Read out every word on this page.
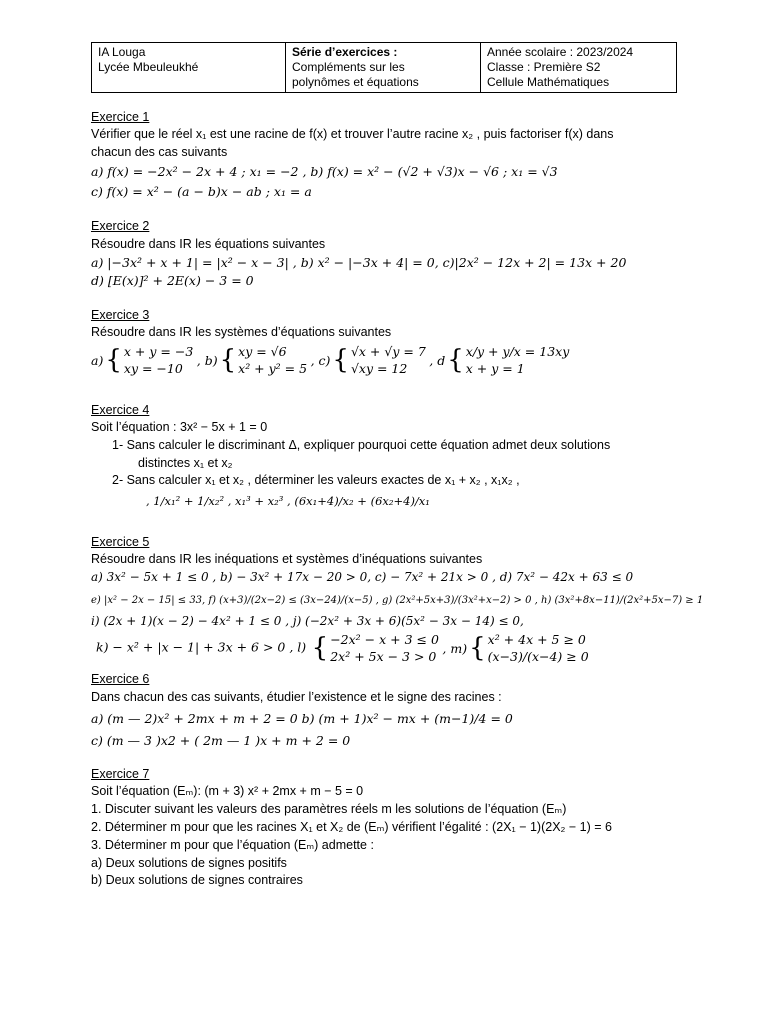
IA Louga
Lycée Mbeuleukhé

Série d’exercices :
Compléments sur les
polynômes et équations

Année scolaire : 2023/2024
Classe : Première S2
Cellule Mathématiques
Exercice 1
Vérifier que le réel x₁ est une racine de f(x) et trouver l’autre racine x₂ , puis factoriser f(x) dans
chacun des cas suivants
a) f(x) = −2x² − 2x + 4 ; x₁ = −2 , b) f(x) = x² − (√2 + √3)x − √6 ; x₁ = √3
c) f(x) = x² − (a − b)x − ab ; x₁ = a
Exercice 2
Résoudre dans IR les équations suivantes
a) |−3x² + x + 1| = |x² − x − 3| , b) x² − |−3x + 4| = 0, c)|2x² − 12x + 2| = 13x + 20
d) [E(x)]² + 2E(x) − 3 = 0
Exercice 3
Résoudre dans IR les systèmes d’équations suivantes
a) { x + y = −3
xy = −10

, b) { xy = √6
x² + y² = 5

, c) { √x + √y = 7
√xy = 12

, d { x/y + y/x = 13xy
x + y = 1
Exercice 4
Soit l’équation : 3x² − 5x + 1 = 0
1- Sans calculer le discriminant Δ, expliquer pourquoi cette équation admet deux solutions
distinctes x₁ et x₂
2- Sans calculer x₁ et x₂ , déterminer les valeurs exactes de x₁ + x₂ , x₁x₂ ,
, 1/x₁² + 1/x₂² , x₁³ + x₂³ , (6x₁+4)/x₂ + (6x₂+4)/x₁
Exercice 5
Résoudre dans IR les inéquations et systèmes d’inéquations suivantes
a) 3x² − 5x + 1 ≤ 0 , b) − 3x² + 17x − 20 > 0, c) − 7x² + 21x > 0 , d) 7x² − 42x + 63 ≤ 0
e) |x² − 2x − 15| ≤ 33, f) (x+3)/(2x−2) ≤ (3x−24)/(x−5) , g) (2x²+5x+3)/(3x²+x−2) > 0 , h) (3x²+8x−11)/(2x²+5x−7) ≥ 1
i) (2x + 1)(x − 2) − 4x² + 1 ≤ 0 , j) (−2x² + 3x + 6)(5x² − 3x − 14) ≤ 0,
k) − x² + |x − 1| + 3x + 6 > 0 , l) { −2x² − x + 3 ≤ 0
2x² + 5x − 3 > 0

, m) { x² + 4x + 5 ≥ 0
(x−3)/(x−4) ≥ 0
Exercice 6
Dans chacun des cas suivants, étudier l’existence et le signe des racines :
a) (m — 2)x² + 2mx + m + 2 = 0 b) (m + 1)x² − mx + (m−1)/4 = 0
c) (m — 3 )x2 + ( 2m — 1 )x + m + 2 = 0
Exercice 7
Soit l’équation (Eₘ): (m + 3) x² + 2mx + m − 5 = 0
1. Discuter suivant les valeurs des paramètres réels m les solutions de l’équation (Eₘ)
2. Déterminer m pour que les racines X₁ et X₂ de (Eₘ) vérifient l’égalité : (2X₁ − 1)(2X₂ − 1) = 6
3. Déterminer m pour que l’équation (Eₘ) admette :
a) Deux solutions de signes positifs
b) Deux solutions de signes contraires
